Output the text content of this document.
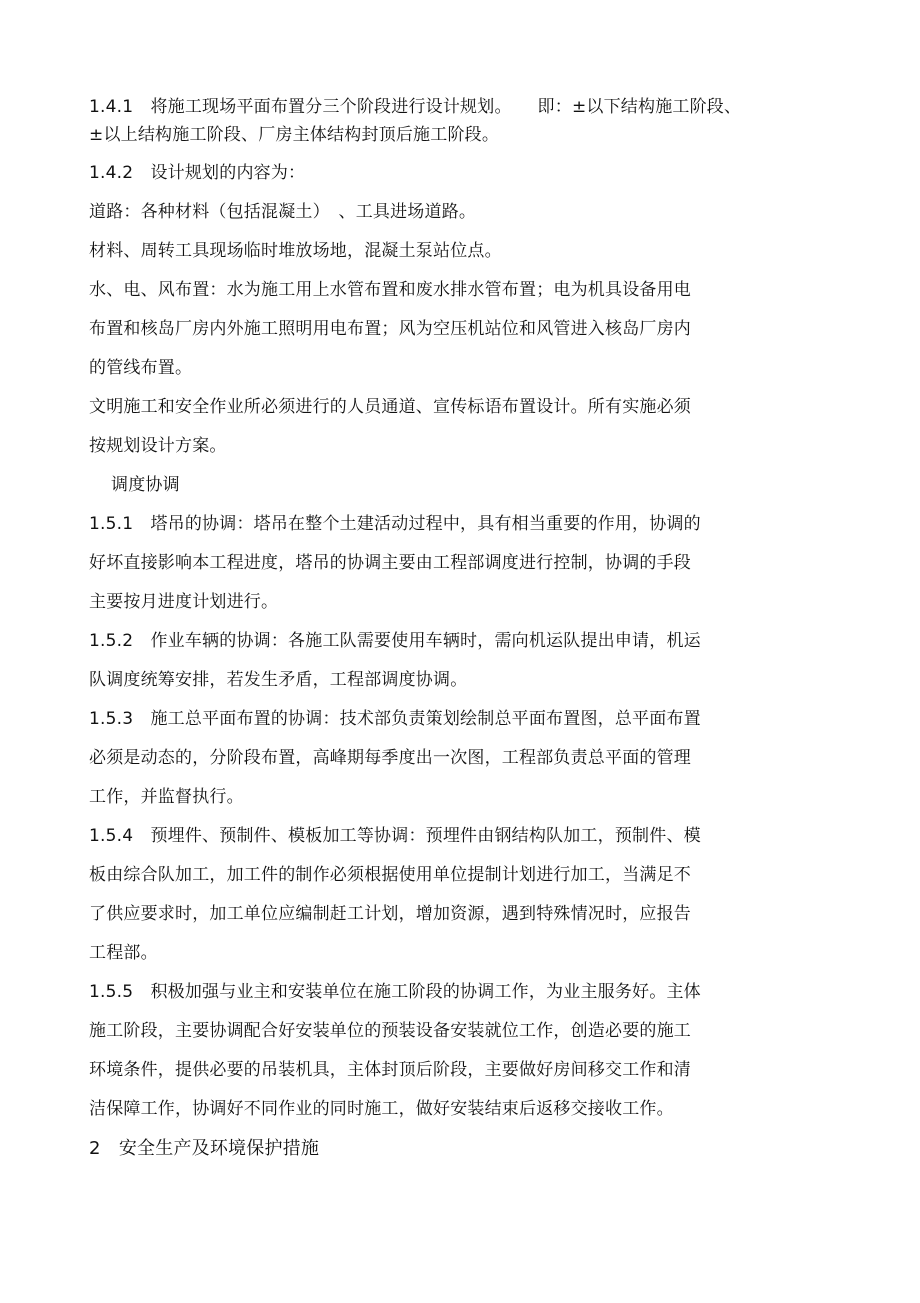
1.4.1　将施工现场平面布置分三个阶段进行设计规划。　　即：±以下结构施工阶段、
±以上结构施工阶段、厂房主体结构封顶后施工阶段。
1.4.2　设计规划的内容为：
道路：各种材料（包括混凝土）　、工具进场道路。
材料、周转工具现场临时堆放场地，混凝土泵站位点。
水、电、风布置：水为施工用上水管布置和废水排水管布置；电为机具设备用电
布置和核岛厂房内外施工照明用电布置；风为空压机站位和风管进入核岛厂房内
的管线布置。
文明施工和安全作业所必须进行的人员通道、宣传标语布置设计。所有实施必须
按规划设计方案。
调度协调
1.5.1　塔吊的协调：塔吊在整个土建活动过程中，具有相当重要的作用，协调的
好坏直接影响本工程进度，塔吊的协调主要由工程部调度进行控制，协调的手段
主要按月进度计划进行。
1.5.2　作业车辆的协调：各施工队需要使用车辆时，需向机运队提出申请，机运
队调度统筹安排，若发生矛盾，工程部调度协调。
1.5.3　施工总平面布置的协调：技术部负责策划绘制总平面布置图，总平面布置
必须是动态的，分阶段布置，高峰期每季度出一次图，工程部负责总平面的管理
工作，并监督执行。
1.5.4　预埋件、预制件、模板加工等协调：预埋件由钢结构队加工，预制件、模
板由综合队加工，加工件的制作必须根据使用单位提制计划进行加工，当满足不
了供应要求时，加工单位应编制赶工计划，增加资源，遇到特殊情况时，应报告
工程部。
1.5.5　积极加强与业主和安装单位在施工阶段的协调工作，为业主服务好。主体
施工阶段，主要协调配合好安装单位的预装设备安装就位工作，创造必要的施工
环境条件，提供必要的吊装机具，主体封顶后阶段，主要做好房间移交工作和清
洁保障工作，协调好不同作业的同时施工，做好安装结束后返移交接收工作。
2　安全生产及环境保护措施
